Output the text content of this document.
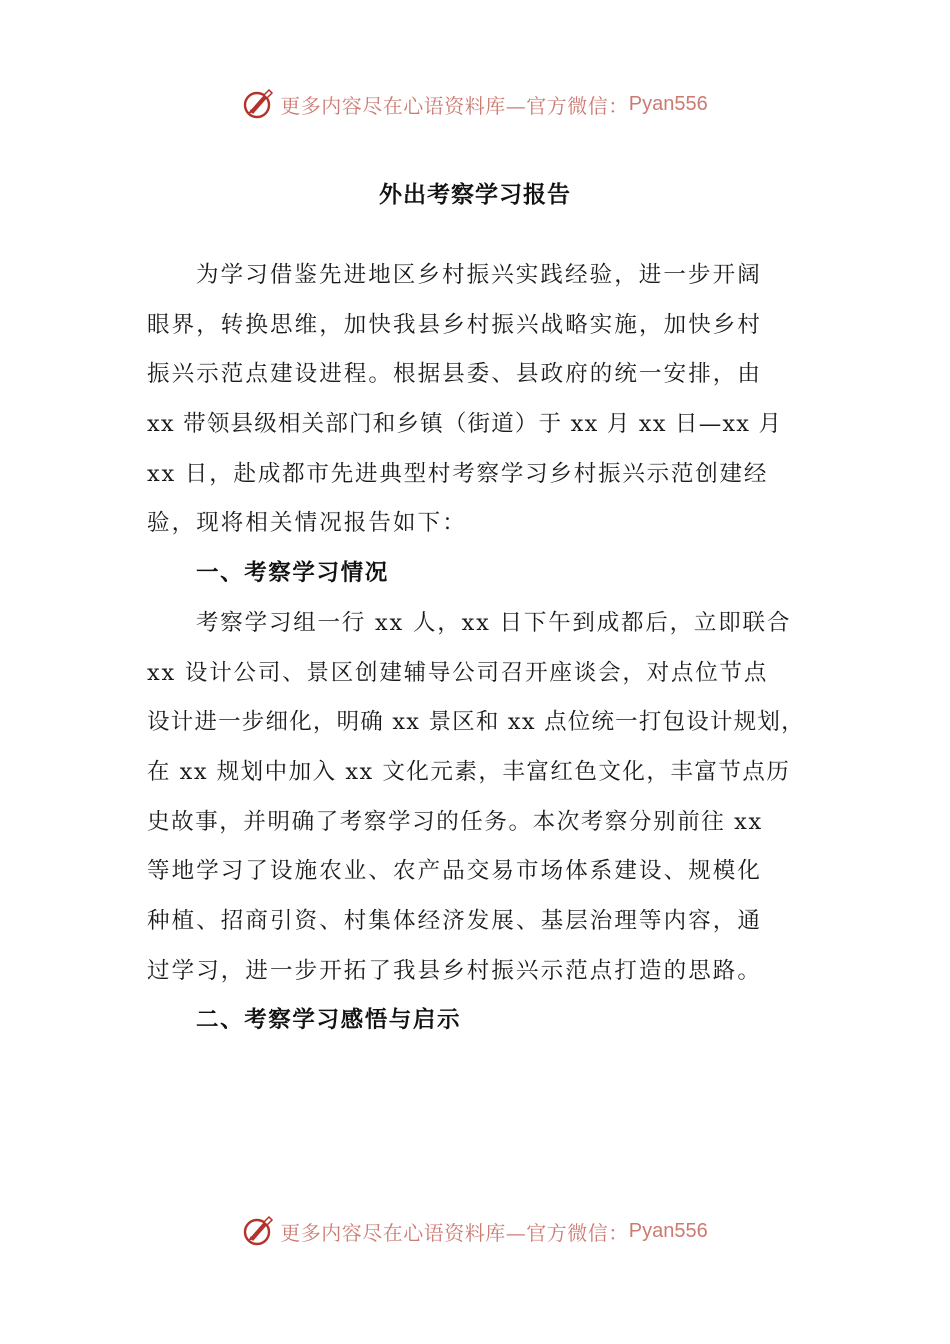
更多内容尽在心语资料库—官方微信： Pyan556
外出考察学习报告
为学习借鉴先进地区乡村振兴实践经验，进一步开阔
眼界，转换思维，加快我县乡村振兴战略实施，加快乡村
振兴示范点建设进程。根据县委、县政府的统一安排，由
xx 带领县级相关部门和乡镇（街道）于 xx 月 xx 日—xx 月
xx 日，赴成都市先进典型村考察学习乡村振兴示范创建经
验，现将相关情况报告如下：
一、考察学习情况
考察学习组一行 xx 人，xx 日下午到成都后，立即联合
xx 设计公司、景区创建辅导公司召开座谈会，对点位节点
设计进一步细化，明确 xx 景区和 xx 点位统一打包设计规划，
在 xx 规划中加入 xx 文化元素，丰富红色文化，丰富节点历
史故事，并明确了考察学习的任务。本次考察分别前往 xx
等地学习了设施农业、农产品交易市场体系建设、规模化
种植、招商引资、村集体经济发展、基层治理等内容，通
过学习，进一步开拓了我县乡村振兴示范点打造的思路。
二、考察学习感悟与启示
更多内容尽在心语资料库—官方微信： Pyan556
